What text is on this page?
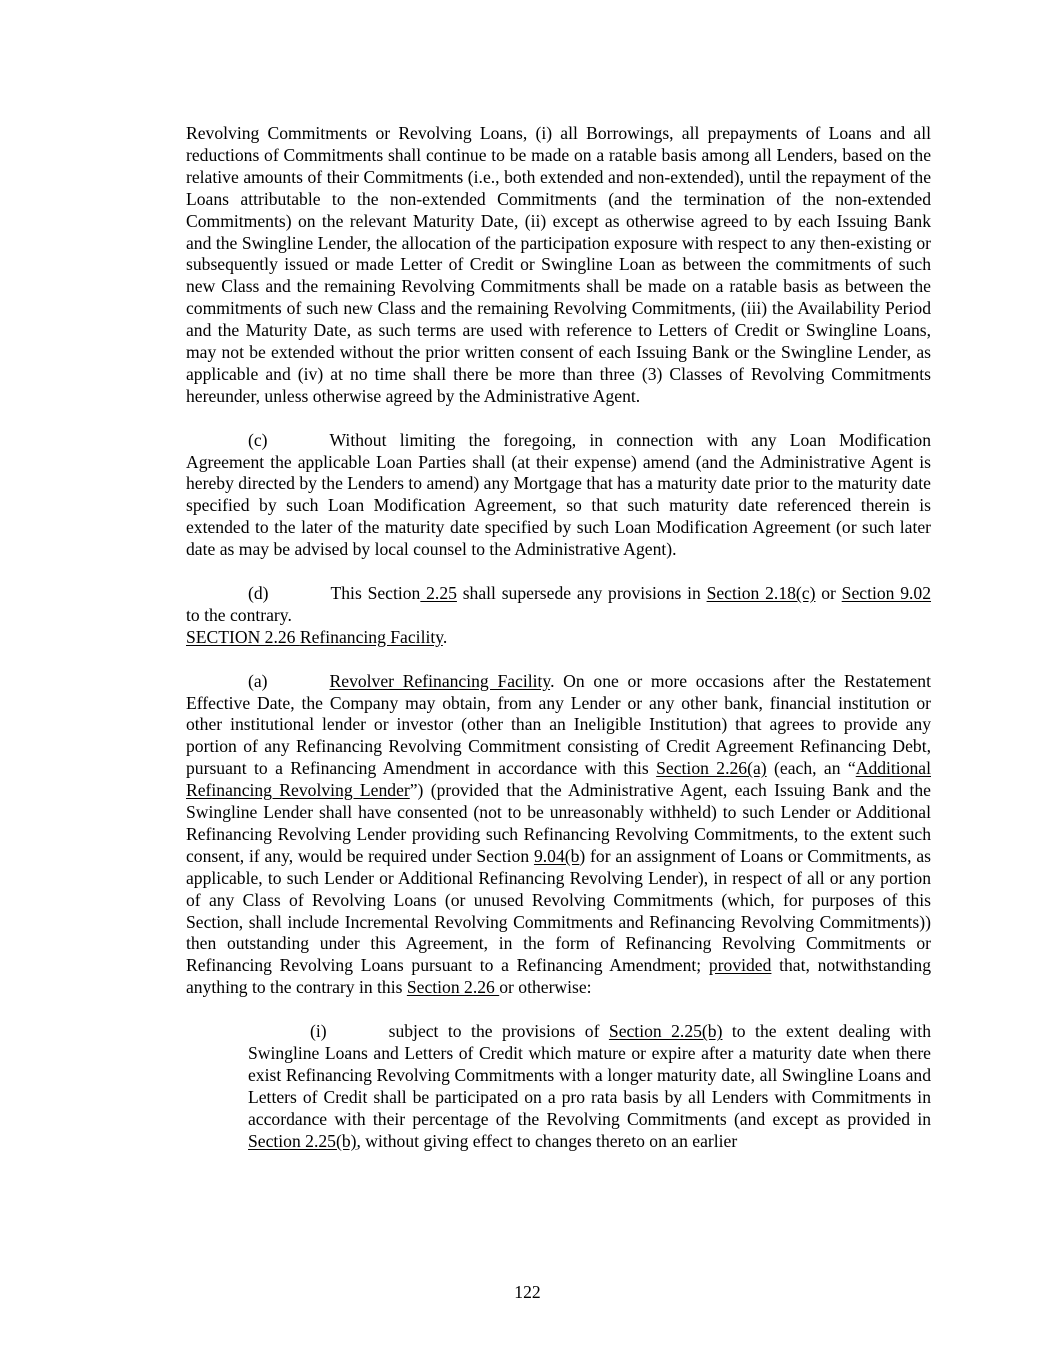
Revolving Commitments or Revolving Loans, (i) all Borrowings, all prepayments of Loans and all reductions of Commitments shall continue to be made on a ratable basis among all Lenders, based on the relative amounts of their Commitments (i.e., both extended and non-extended), until the repayment of the Loans attributable to the non-extended Commitments (and the termination of the non-extended Commitments) on the relevant Maturity Date, (ii) except as otherwise agreed to by each Issuing Bank and the Swingline Lender, the allocation of the participation exposure with respect to any then-existing or subsequently issued or made Letter of Credit or Swingline Loan as between the commitments of such new Class and the remaining Revolving Commitments shall be made on a ratable basis as between the commitments of such new Class and the remaining Revolving Commitments, (iii) the Availability Period and the Maturity Date, as such terms are used with reference to Letters of Credit or Swingline Loans, may not be extended without the prior written consent of each Issuing Bank or the Swingline Lender, as applicable and (iv) at no time shall there be more than three (3) Classes of Revolving Commitments hereunder, unless otherwise agreed by the Administrative Agent.

(c)	Without limiting the foregoing, in connection with any Loan Modification Agreement the applicable Loan Parties shall (at their expense) amend (and the Administrative Agent is hereby directed by the Lenders to amend) any Mortgage that has a maturity date prior to the maturity date specified by such Loan Modification Agreement, so that such maturity date referenced therein is extended to the later of the maturity date specified by such Loan Modification Agreement (or such later date as may be advised by local counsel to the Administrative Agent).

(d)	This Section 2.25 shall supersede any provisions in Section 2.18(c) or Section 9.02 to the contrary.

SECTION 2.26 Refinancing Facility.

(a)	Revolver Refinancing Facility. On one or more occasions after the Restatement Effective Date, the Company may obtain, from any Lender or any other bank, financial institution or other institutional lender or investor (other than an Ineligible Institution) that agrees to provide any portion of any Refinancing Revolving Commitment consisting of Credit Agreement Refinancing Debt, pursuant to a Refinancing Amendment in accordance with this Section 2.26(a) (each, an “Additional Refinancing Revolving Lender”) (provided that the Administrative Agent, each Issuing Bank and the Swingline Lender shall have consented (not to be unreasonably withheld) to such Lender or Additional Refinancing Revolving Lender providing such Refinancing Revolving Commitments, to the extent such consent, if any, would be required under Section 9.04(b) for an assignment of Loans or Commitments, as applicable, to such Lender or Additional Refinancing Revolving Lender), in respect of all or any portion of any Class of Revolving Loans (or unused Revolving Commitments (which, for purposes of this Section, shall include Incremental Revolving Commitments and Refinancing Revolving Commitments)) then outstanding under this Agreement, in the form of Refinancing Revolving Commitments or Refinancing Revolving Loans pursuant to a Refinancing Amendment; provided that, notwithstanding anything to the contrary in this Section 2.26 or otherwise:

(i)	subject to the provisions of Section 2.25(b) to the extent dealing with Swingline Loans and Letters of Credit which mature or expire after a maturity date when there exist Refinancing Revolving Commitments with a longer maturity date, all Swingline Loans and Letters of Credit shall be participated on a pro rata basis by all Lenders with Commitments in accordance with their percentage of the Revolving Commitments (and except as provided in Section 2.25(b), without giving effect to changes thereto on an earlier

122
